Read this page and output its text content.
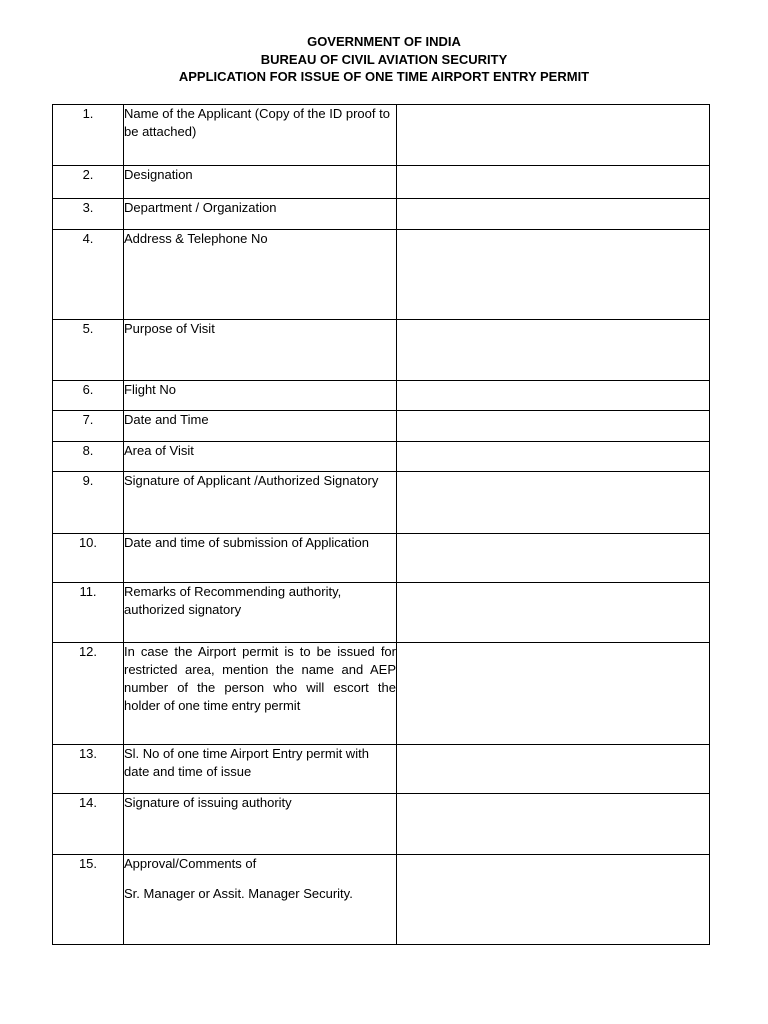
GOVERNMENT OF INDIA
BUREAU OF CIVIL AVIATION SECURITY
APPLICATION FOR ISSUE OF ONE TIME AIRPORT ENTRY PERMIT
1.	Name of the Applicant (Copy of the ID proof to be attached)	
2.	Designation	
3.	Department / Organization	
4.	Address & Telephone No	
5.	Purpose of Visit	
6.	Flight No	
7.	Date and Time	
8.	Area of Visit	
9.	Signature of Applicant /Authorized Signatory	
10.	Date and time of submission of Application	
11.	Remarks of Recommending authority, authorized signatory	
12.	In case the Airport permit is to be issued for restricted area, mention the name and AEP number of the person who will escort the holder of one time entry permit	
13.	Sl. No of one time Airport Entry permit with date and time of issue	
14.	Signature of issuing authority	
15.	Approval/Comments of
Sr. Manager or Assit. Manager Security.	
